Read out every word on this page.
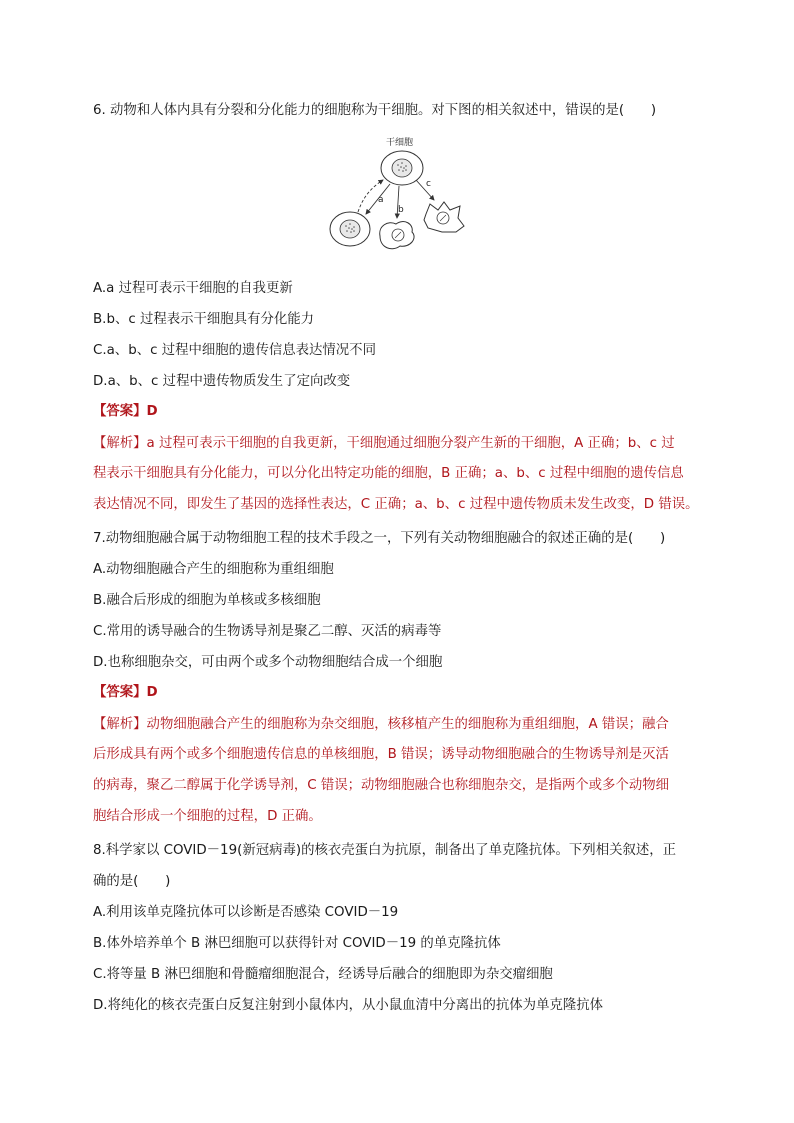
6. 动物和人体内具有分裂和分化能力的细胞称为干细胞。对下图的相关叙述中，错误的是(　　)
干细胞
a
b
c
A.a 过程可表示干细胞的自我更新
B.b、c 过程表示干细胞具有分化能力
C.a、b、c 过程中细胞的遗传信息表达情况不同
D.a、b、c 过程中遗传物质发生了定向改变
【答案】D
【解析】a 过程可表示干细胞的自我更新，干细胞通过细胞分裂产生新的干细胞，A 正确；b、c 过
程表示干细胞具有分化能力，可以分化出特定功能的细胞，B 正确；a、b、c 过程中细胞的遗传信息
表达情况不同，即发生了基因的选择性表达，C 正确；a、b、c 过程中遗传物质未发生改变，D 错误。
7.动物细胞融合属于动物细胞工程的技术手段之一，下列有关动物细胞融合的叙述正确的是(　　)
A.动物细胞融合产生的细胞称为重组细胞
B.融合后形成的细胞为单核或多核细胞
C.常用的诱导融合的生物诱导剂是聚乙二醇、灭活的病毒等
D.也称细胞杂交，可由两个或多个动物细胞结合成一个细胞
【答案】D
【解析】动物细胞融合产生的细胞称为杂交细胞，核移植产生的细胞称为重组细胞，A 错误；融合
后形成具有两个或多个细胞遗传信息的单核细胞，B 错误；诱导动物细胞融合的生物诱导剂是灭活
的病毒，聚乙二醇属于化学诱导剂，C 错误；动物细胞融合也称细胞杂交，是指两个或多个动物细
胞结合形成一个细胞的过程，D 正确。
8.科学家以 COVID－19(新冠病毒)的核衣壳蛋白为抗原，制备出了单克隆抗体。下列相关叙述，正
确的是(　　)
A.利用该单克隆抗体可以诊断是否感染 COVID－19
B.体外培养单个 B 淋巴细胞可以获得针对 COVID－19 的单克隆抗体
C.将等量 B 淋巴细胞和骨髓瘤细胞混合，经诱导后融合的细胞即为杂交瘤细胞
D.将纯化的核衣壳蛋白反复注射到小鼠体内，从小鼠血清中分离出的抗体为单克隆抗体
